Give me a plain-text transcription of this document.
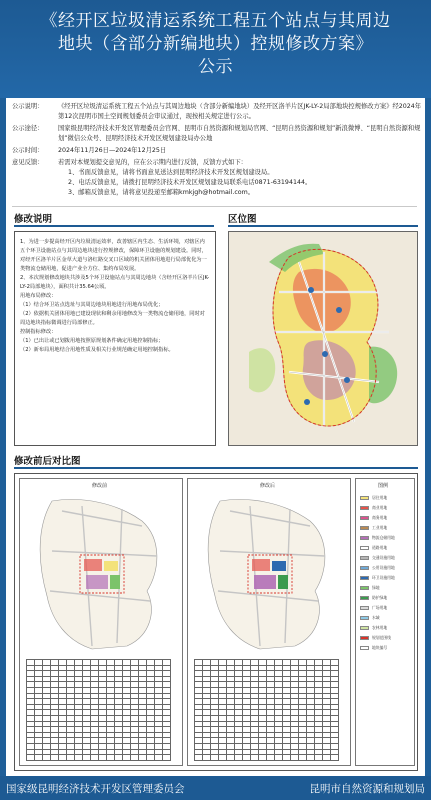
《经开区垃圾清运系统工程五个站点与其周边
地块（含部分新编地块）控规修改方案》
公示
公示说明：	《经开区垃圾清运系统工程五个站点与其周边地块（含部分新编地块）及经开区洛羊片区JK-LY-2局部地块控规修改方案》经2024年第12次昆明市国土空间规划委员会审议通过，现按相关规定进行公示。
公示途径：	国家级昆明经济技术开发区管理委员会官网、昆明市自然资源和规划局官网、“昆明自然资源和规划”新浪微博、“昆明自然资源和规划”微信公众号、昆明经济技术开发区规划建设局办公地
公示时间：	2024年11月26日—2024年12月25日
意见反馈：	若需对本规划提交意见的，应在公示期内进行反馈，反馈方式如下：
1、书面反馈意见，请将书面意见送达到昆明经济技术开发区规划建设局。
2、电话反馈意见，请拨打昆明经济技术开发区规划建设局联系电话0871-63194144。
3、邮箱反馈意见，请将意见投递至邮箱kmkjgh@hotmail.com。
修改说明	区位图

1、为进一步提高经开区内垃圾清运效率，改善辖区内生态、生活环境，对辖区内五个环卫设施站点与其周边地块进行控规修改，保障环卫设施的规划建设。同时，对经开区洛羊片区金草大道与洛红路交叉口区域的机关团体用地进行局部优化为一类物流仓储用地，促进产业全方位、集约布局发展。

2、本次规划修改地块共涉及5个环卫设施站点与其周边地块（含经开区洛羊片区JK-LY-2局部地块），面积共计35.64公顷。

用地布局修改：

（1）结合环卫站点选址与其周边地块用地进行用地布局优化；

（2）依据机关团体用地已建设现状和剩余用地修改为一类物流仓储用地，同时对周边地块指标微调进行局部修正。

控制指标修改：

（1）已出让或已划拨用地按照原规划条件确定用地控制指标；

（2）新布局用地结合用地性质及相关行业规范确定用地控制指标。

修改前后对比图
修改前

																		修改后

																		图例
居住用地
商业用地
商务用地
工业用地
物流仓储用地
道路用地
交通设施用地
公用设施用地
环卫设施用地
绿地
防护绿地
广场用地
水域
农林用地
规划范围线
地块编号
国家级昆明经济技术开发区管理委员会	昆明市自然资源和规划局
